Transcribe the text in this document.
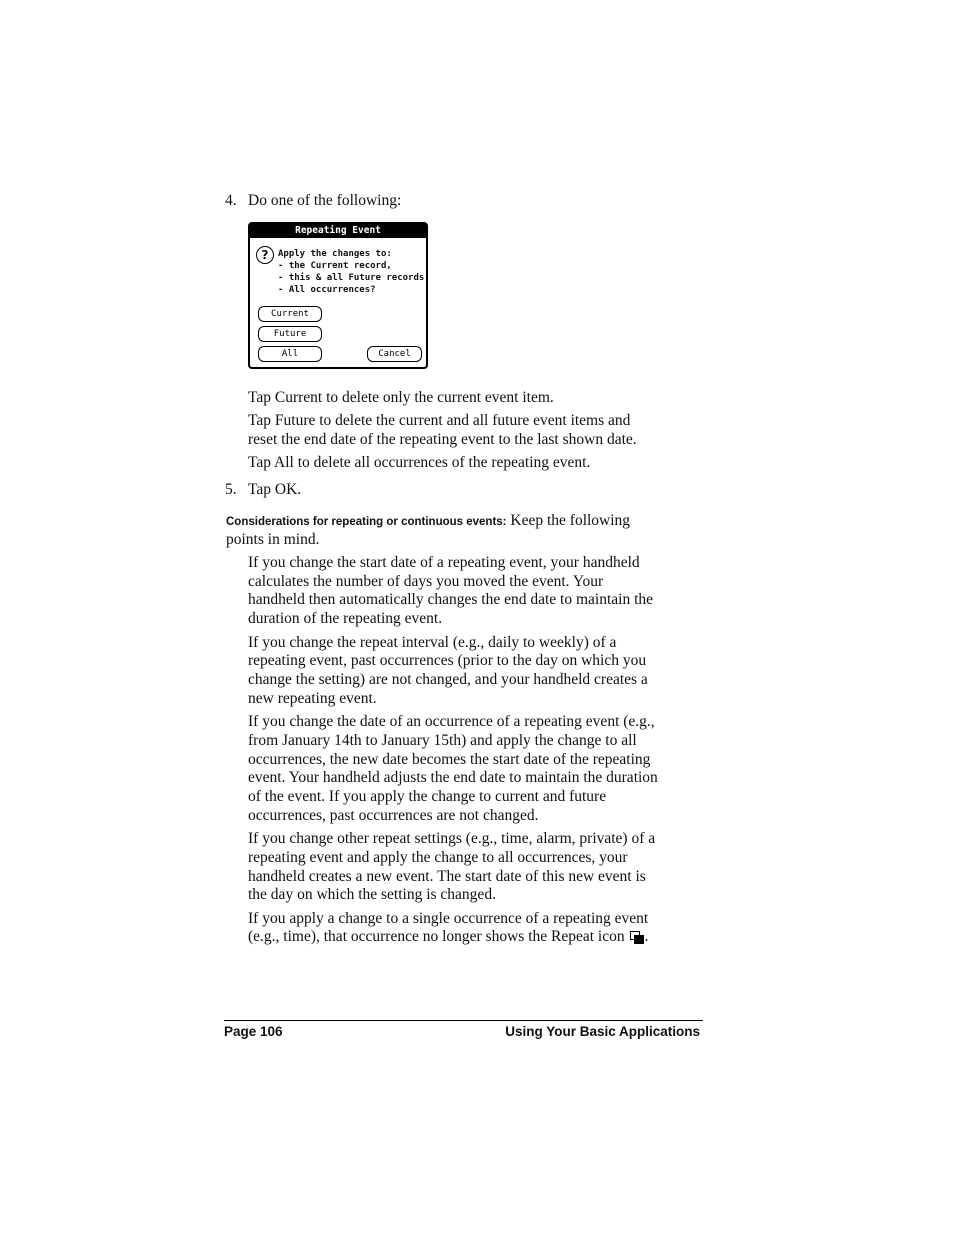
4. Do one of the following:
Repeating Event
?	Apply the changes to:
- the Current record,
- this & all Future records,
- All occurrences?
Current
Future
All	Cancel
Tap Current to delete only the current event item.
Tap Future to delete the current and all future event items and
reset the end date of the repeating event to the last shown date.
Tap All to delete all occurrences of the repeating event.
5. Tap OK.
Considerations for repeating or continuous events: Keep the following
points in mind.
If you change the start date of a repeating event, your handheld
calculates the number of days you moved the event. Your
handheld then automatically changes the end date to maintain the
duration of the repeating event.
If you change the repeat interval (e.g., daily to weekly) of a
repeating event, past occurrences (prior to the day on which you
change the setting) are not changed, and your handheld creates a
new repeating event.
If you change the date of an occurrence of a repeating event (e.g.,
from January 14th to January 15th) and apply the change to all
occurrences, the new date becomes the start date of the repeating
event. Your handheld adjusts the end date to maintain the duration
of the event. If you apply the change to current and future
occurrences, past occurrences are not changed.
If you change other repeat settings (e.g., time, alarm, private) of a
repeating event and apply the change to all occurrences, your
handheld creates a new event. The start date of this new event is
the day on which the setting is changed.
If you apply a change to a single occurrence of a repeating event
(e.g., time), that occurrence no longer shows the Repeat icon .
Page 106	Using Your Basic Applications
